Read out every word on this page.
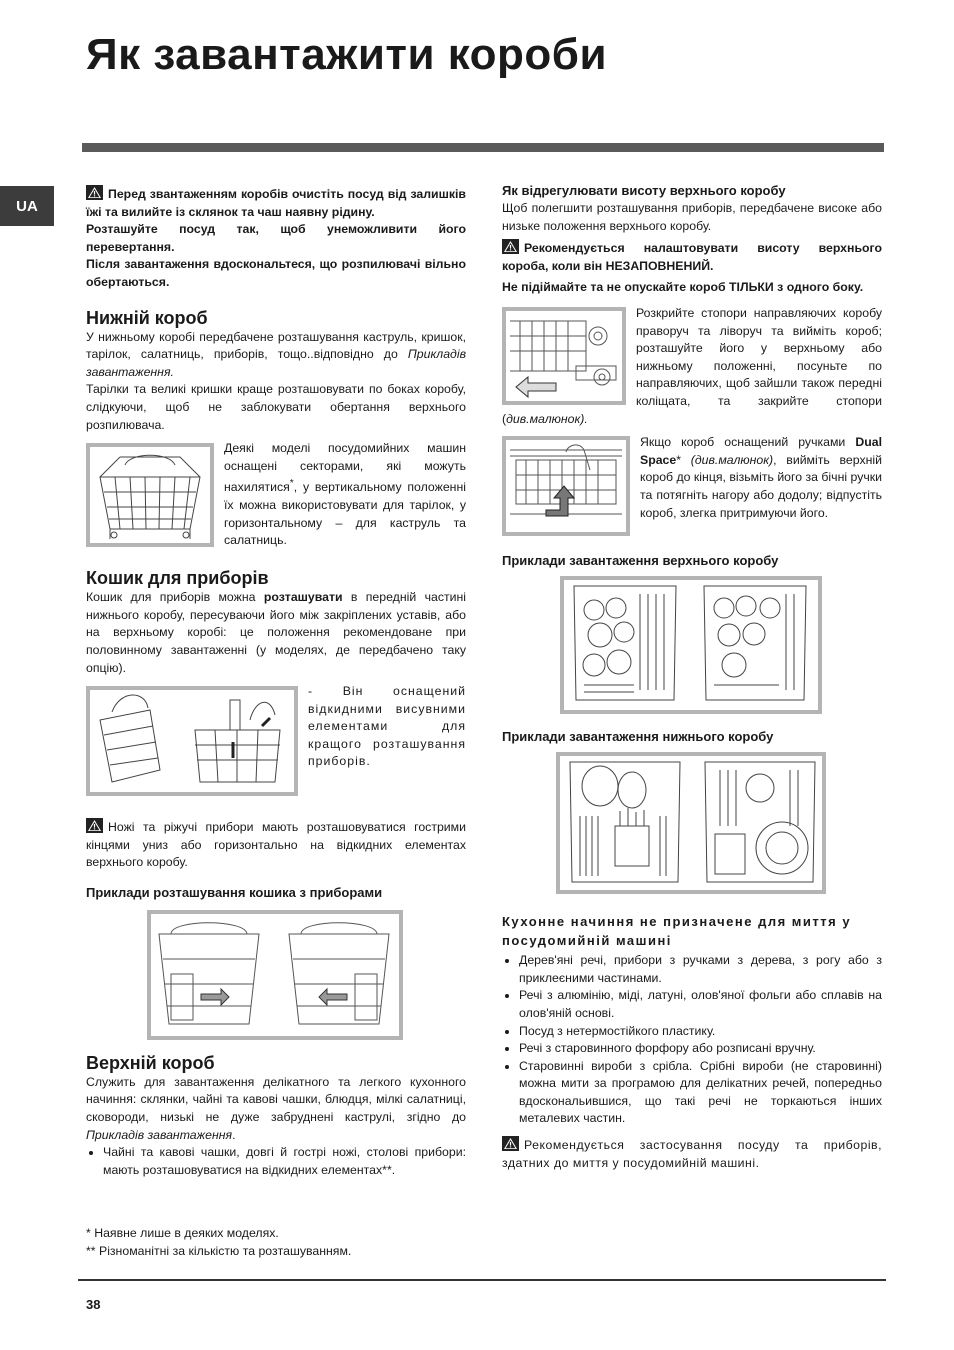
Як завантажити короби
UA

Перед звантаженням коробів очистіть посуд від залишків їжі та вилийте із склянок та чаш наявну рідину.

Розташуйте посуд так, щоб унеможливити його перевертання.

Після завантаження вдоскональтеся, що розпилювачі вільно обертаються.

Нижній короб

У нижньому коробі передбачене розташування каструль, кришок, тарілок, салатниць, приборів, тощо..відповідно до Прикладів завантаження.

Тарілки та великі кришки краще розташовувати по боках коробу, слідкуючи, щоб не заблокувати обертання верхнього розпилювача.

Деякі моделі посудомийних машин оснащені секторами, які можуть нахилятися*, у вертикальному положенні їх можна використовувати для тарілок, у горизонтальному – для каструль та салатниць.

Кошик для приборів

Кошик для приборів можна розташувати в передній частині нижнього коробу, пересуваючи його між закріплених уставів, або на верхньому коробі: це положення рекомендоване при половинному завантаженні (у моделях, де передбачено таку опцію).

- Він оснащений відкидними висувними елементами для кращого розташування приборів.

Ножі та ріжучі прибори мають розташовуватися гострими кінцями униз або горизонтально на відкидних елементах верхнього коробу.

Приклади розташування кошика з приборами
Верхній короб

Служить для завантаження делікатного та легкого кухонного начиння: склянки, чайні та кавові чашки, блюдця, мілкі салатниці, сковороди, низькі не дуже забруднені каструлі, згідно до Прикладів завантаження.

• Чайні та кавові чашки, довгі й гострі ножі, столові прибори: мають розташовуватися на відкидних елементах**.
Як відрегулювати висоту верхнього коробу

Щоб полегшити розташування приборів, передбачене високе або низьке положення верхнього коробу.

Рекомендується налаштовувати висоту верхнього короба, коли він НЕЗАПОВНЕНИЙ.

Не підіймайте та не опускайте короб ТІЛЬКИ з одного боку.

Розкрийте стопори направляючих коробу праворуч та ліворуч та вийміть короб; розташуйте його у верхньому або нижньому положенні, посуньте по направляючих, щоб зайшли також передні коліщата, та закрийте стопори (див.малюнок).

Якщо короб оснащений ручками Dual Space* (див.малюнок), вийміть верхній короб до кінця, візьміть його за бічні ручки та потягніть нагору або додолу; відпустіть короб, злегка притримуючи його.

Приклади завантаження верхнього коробу
Приклади завантаження нижнього коробу
Кухонне начиння не призначене для миття у посудомийній машині
• Дерев'яні речі, прибори з ручками з дерева, з рогу або з приклеєними частинами.
• Речі з алюмінію, міді, латуні, олов'яної фольги або сплавів на олов'яній основі.
• Посуд з нетермостійкого пластику.
• Речі з старовинного форфору або розписані вручну.
• Старовинні вироби з срібла. Срібні вироби (не старовинні) можна мити за програмою для делікатних речей, попередньо вдоскональившися, що такі речі не торкаються інших металевих частин.

Рекомендується застосування посуду та приборів, здатних до миття у посудомийній машині.

* Наявне лише в деяких моделях.
** Різноманітні за кількістю та розташуванням.
38
